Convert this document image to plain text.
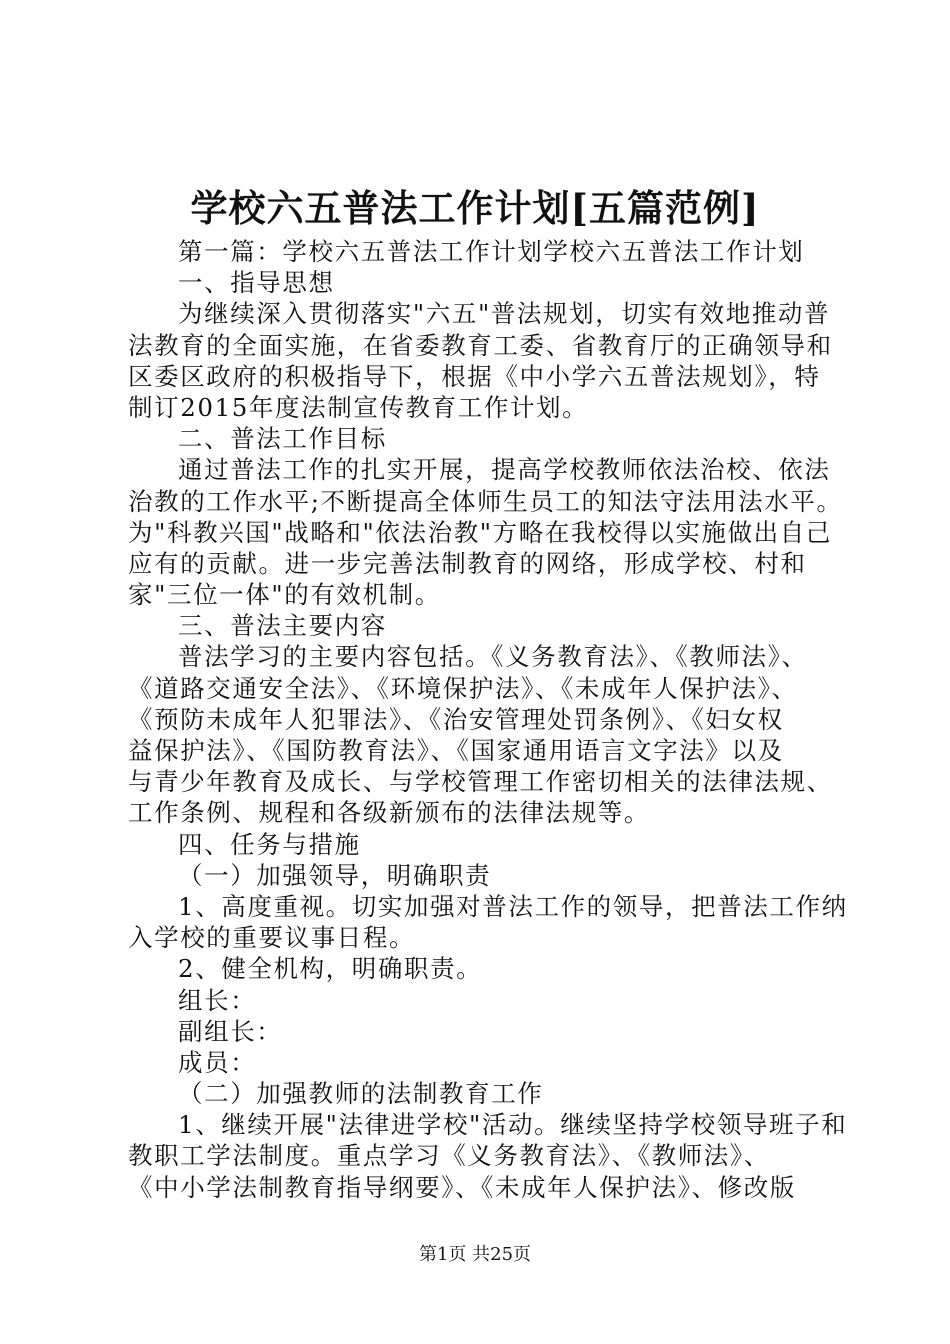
学校六五普法工作计划[五篇范例]
第一篇：学校六五普法工作计划学校六五普法工作计划
一、指导思想
为继续深入贯彻落实"六五"普法规划，切实有效地推动普
法教育的全面实施，在省委教育工委、省教育厅的正确领导和
区委区政府的积极指导下，根据《中小学六五普法规划》，特
制订2015年度法制宣传教育工作计划。
二、普法工作目标
通过普法工作的扎实开展，提高学校教师依法治校、依法
治教的工作水平;不断提高全体师生员工的知法守法用法水平。
为"科教兴国"战略和"依法治教"方略在我校得以实施做出自己
应有的贡献。进一步完善法制教育的网络，形成学校、村和
家"三位一体"的有效机制。
三、普法主要内容
普法学习的主要内容包括。《义务教育法》、《教师法》、
《道路交通安全法》、《环境保护法》、《未成年人保护法》、
《预防未成年人犯罪法》、《治安管理处罚条例》、《妇女权
益保护法》、《国防教育法》、《国家通用语言文字法》以及
与青少年教育及成长、与学校管理工作密切相关的法律法规、
工作条例、规程和各级新颁布的法律法规等。
四、任务与措施
（一）加强领导，明确职责
1、高度重视。切实加强对普法工作的领导，把普法工作纳
入学校的重要议事日程。
2、健全机构，明确职责。
组长：
副组长：
成员：
（二）加强教师的法制教育工作
1、继续开展"法律进学校"活动。继续坚持学校领导班子和
教职工学法制度。重点学习《义务教育法》、《教师法》、
《中小学法制教育指导纲要》、《未成年人保护法》、修改版
第1页 共25页
